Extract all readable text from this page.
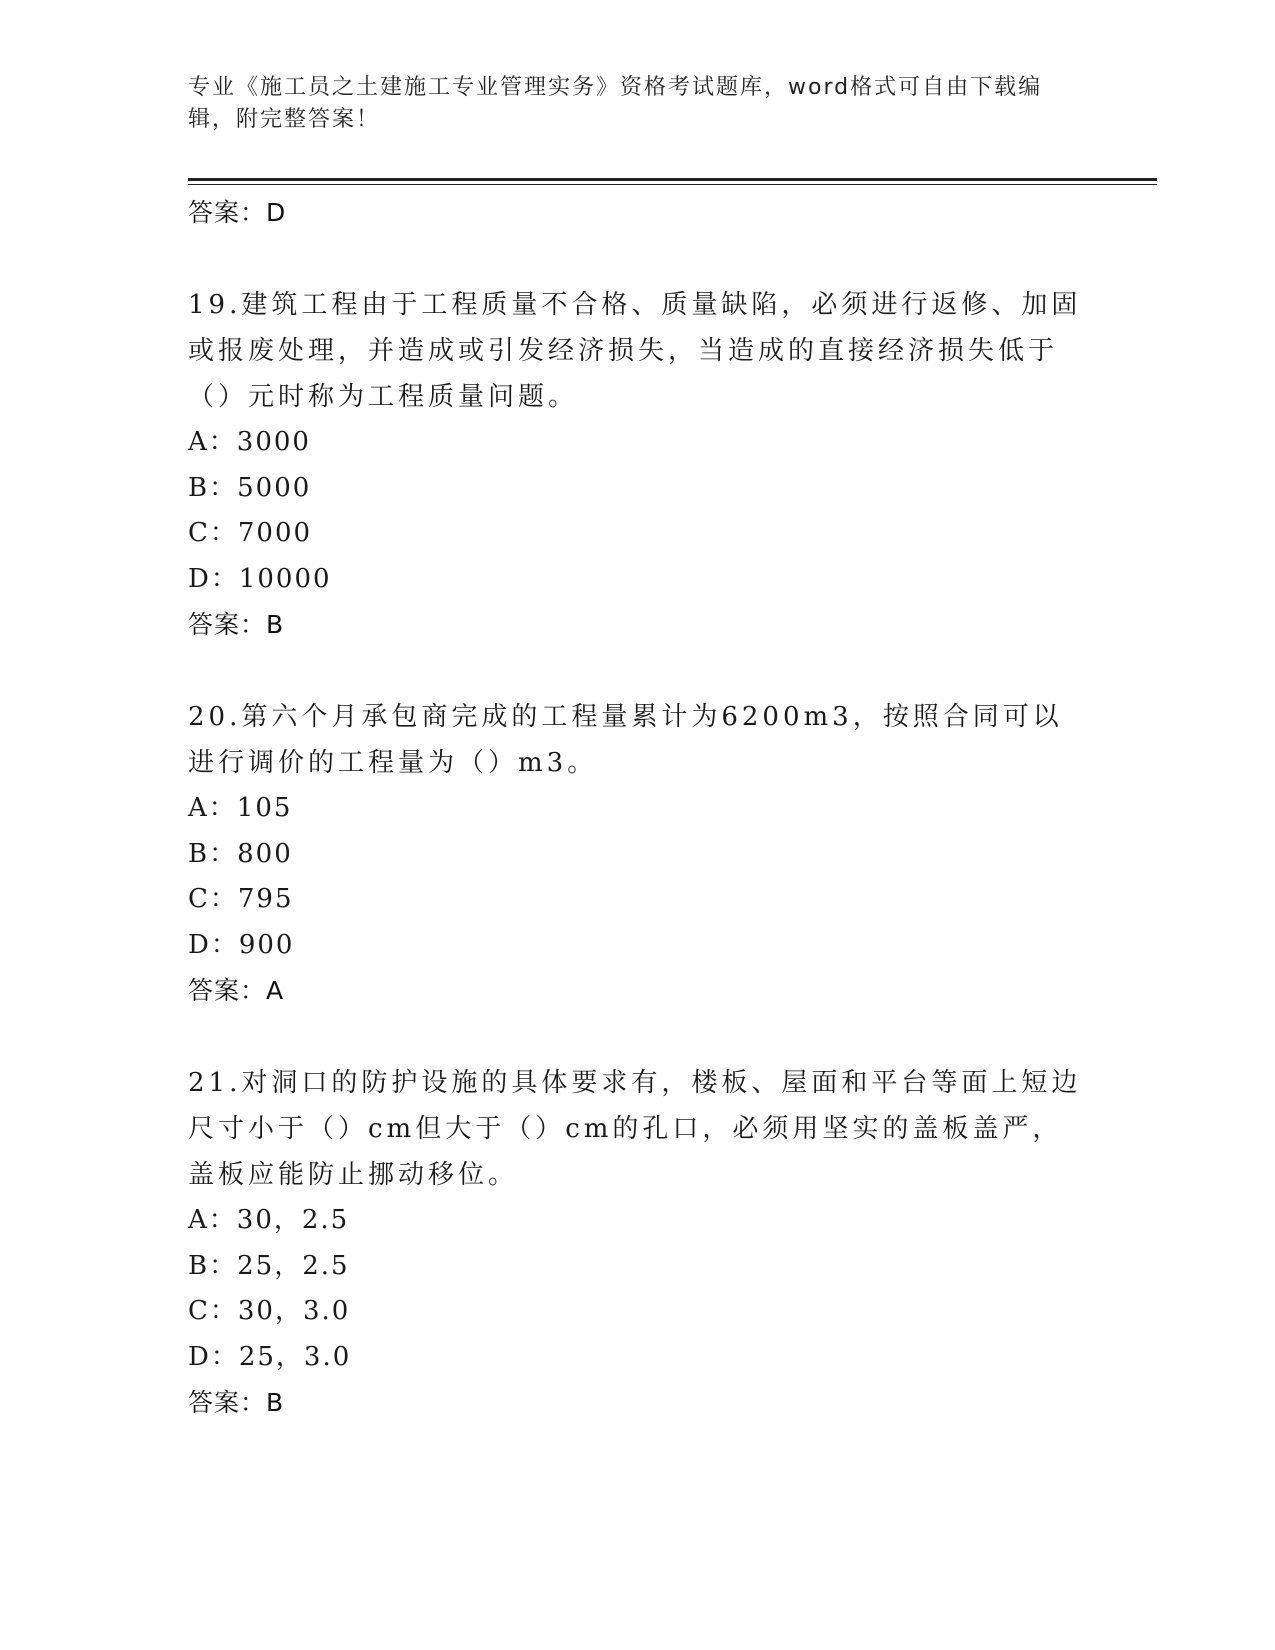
专业《施工员之土建施工专业管理实务》资格考试题库，word格式可自由下载编辑，附完整答案！
答案：D

19.建筑工程由于工程质量不合格、质量缺陷，必须进行返修、加固或报废处理，并造成或引发经济损失，当造成的直接经济损失低于（）元时称为工程质量问题。

A：3000
B：5000
C：7000
D：10000
答案：B

20.第六个月承包商完成的工程量累计为6200m3，按照合同可以进行调价的工程量为（）m3。

A：105
B：800
C：795
D：900
答案：A

21.对洞口的防护设施的具体要求有，楼板、屋面和平台等面上短边尺寸小于（）cm但大于（）cm的孔口，必须用坚实的盖板盖严，盖板应能防止挪动移位。

A：30，2.5
B：25，2.5
C：30，3.0
D：25，3.0
答案：B
